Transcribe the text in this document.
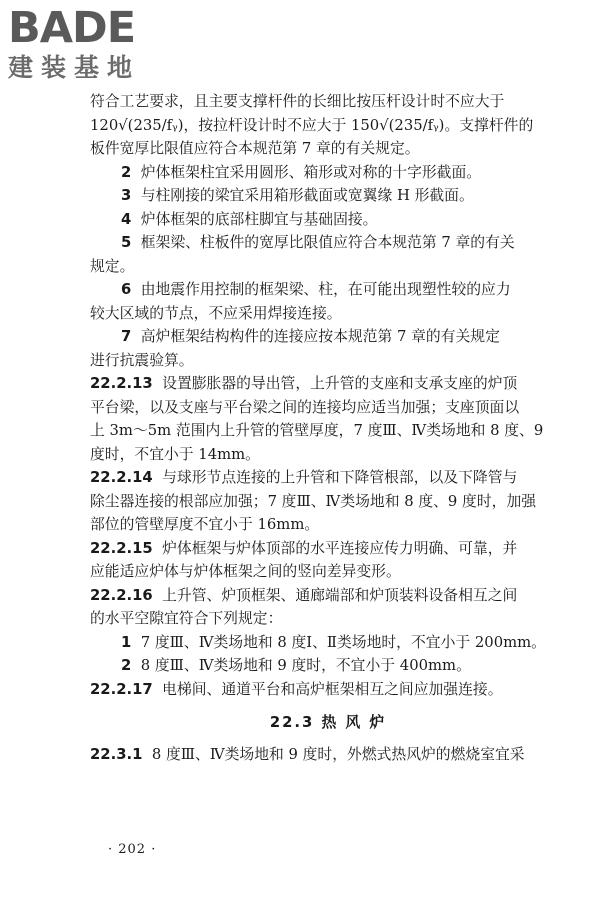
BADE
建装基地
符合工艺要求，且主要支撑杆件的长细比按压杆设计时不应大于
120√(235/fᵧ)，按拉杆设计时不应大于 150√(235/fᵧ)。支撑杆件的
板件宽厚比限值应符合本规范第 7 章的有关规定。
2 炉体框架柱宜采用圆形、箱形或对称的十字形截面。
3 与柱刚接的梁宜采用箱形截面或宽翼缘 H 形截面。
4 炉体框架的底部柱脚宜与基础固接。
5 框架梁、柱板件的宽厚比限值应符合本规范第 7 章的有关
规定。
6 由地震作用控制的框架梁、柱，在可能出现塑性较的应力
较大区域的节点，不应采用焊接连接。
7 高炉框架结构构件的连接应按本规范第 7 章的有关规定
进行抗震验算。
22.2.13 设置膨胀器的导出管，上升管的支座和支承支座的炉顶
平台梁，以及支座与平台梁之间的连接均应适当加强；支座顶面以
上 3m～5m 范围内上升管的管壁厚度，7 度Ⅲ、Ⅳ类场地和 8 度、9
度时，不宜小于 14mm。
22.2.14 与球形节点连接的上升管和下降管根部，以及下降管与
除尘器连接的根部应加强；7 度Ⅲ、Ⅳ类场地和 8 度、9 度时，加强
部位的管壁厚度不宜小于 16mm。
22.2.15 炉体框架与炉体顶部的水平连接应传力明确、可靠，并
应能适应炉体与炉体框架之间的竖向差异变形。
22.2.16 上升管、炉顶框架、通廊端部和炉顶装料设备相互之间
的水平空隙宜符合下列规定：
1 7 度Ⅲ、Ⅳ类场地和 8 度Ⅰ、Ⅱ类场地时，不宜小于 200mm。
2 8 度Ⅲ、Ⅳ类场地和 9 度时，不宜小于 400mm。
22.2.17 电梯间、通道平台和高炉框架相互之间应加强连接。
22.3 热 风 炉
22.3.1 8 度Ⅲ、Ⅳ类场地和 9 度时，外燃式热风炉的燃烧室宜采
· 202 ·
